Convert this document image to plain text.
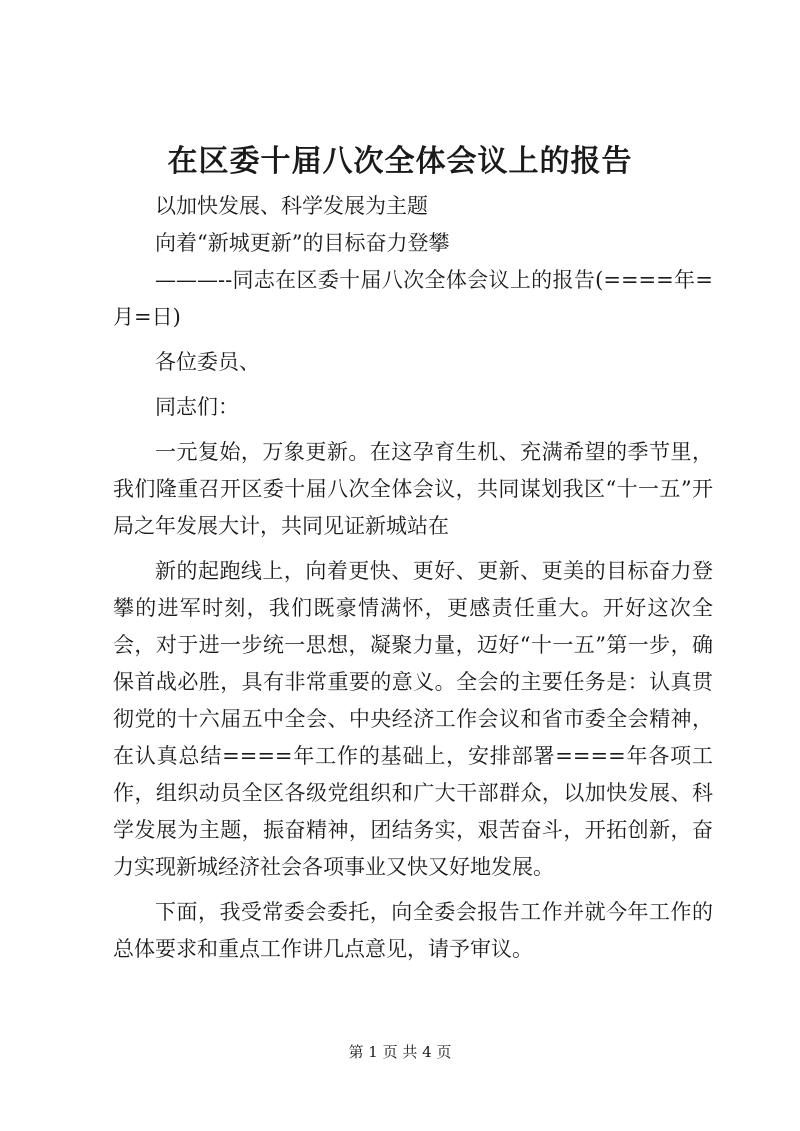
在区委十届八次全体会议上的报告

以加快发展、科学发展为主题

向着“新城更新”的目标奋力登攀

———--同志在区委十届八次全体会议上的报告(====年=月=日)

各位委员、

同志们：

一元复始，万象更新。在这孕育生机、充满希望的季节里，我们隆重召开区委十届八次全体会议，共同谋划我区“十一五”开局之年发展大计，共同见证新城站在

新的起跑线上，向着更快、更好、更新、更美的目标奋力登攀的进军时刻，我们既豪情满怀，更感责任重大。开好这次全会，对于进一步统一思想，凝聚力量，迈好“十一五”第一步，确保首战必胜，具有非常重要的意义。全会的主要任务是：认真贯彻党的十六届五中全会、中央经济工作会议和省市委全会精神，在认真总结====年工作的基础上，安排部署====年各项工作，组织动员全区各级党组织和广大干部群众，以加快发展、科学发展为主题，振奋精神，团结务实，艰苦奋斗，开拓创新，奋力实现新城经济社会各项事业又快又好地发展。

下面，我受常委会委托，向全委会报告工作并就今年工作的总体要求和重点工作讲几点意见，请予审议。

第 1 页 共 4 页
